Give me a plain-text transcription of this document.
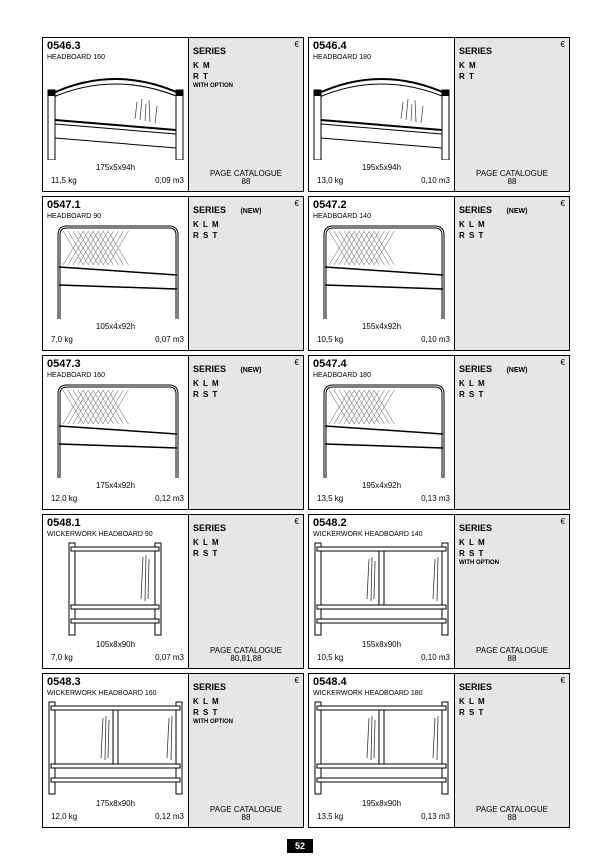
0546.3
HEADBOARD 160
175x5x94h
11,5 kg	0,09 m3
SERIES
€
K M
R T
WITH OPTION
PAGE CATALOGUE
88
0546.4
HEADBOARD 180
195x5x94h
13,0 kg	0,10 m3
SERIES
€
K M
R T
PAGE CATALOGUE
88
0547.1
HEADBOARD 90
105x4x92h
7,0 kg	0,07 m3
SERIES (NEW)
€
K L M
R S T
0547.2
HEADBOARD 140
155x4x92h
10,5 kg	0,10 m3
SERIES (NEW)
€
K L M
R S T
0547.3
HEADBOARD 160
175x4x92h
12,0 kg	0,12 m3
SERIES (NEW)
€
K L M
R S T
0547.4
HEADBOARD 180
195x4x92h
13,5 kg	0,13 m3
SERIES (NEW)
€
K L M
R S T
0548.1
WICKERWORK HEADBOARD 90
105x8x90h
7,0 kg	0,07 m3
SERIES
€
K L M
R S T
PAGE CATALOGUE
80,81,88
0548.2
WICKERWORK HEADBOARD 140
155x8x90h
10,5 kg	0,10 m3
SERIES
€
K L M
R S T
WITH OPTION
PAGE CATALOGUE
88
0548.3
WICKERWORK HEADBOARD 160
175x8x90h
12,0 kg	0,12 m3
SERIES
€
K L M
R S T
WITH OPTION
PAGE CATALOGUE
88
0548.4
WICKERWORK HEADBOARD 180
195x8x90h
13,5 kg	0,13 m3
SERIES
€
K L M
R S T
PAGE CATALOGUE
88
52
